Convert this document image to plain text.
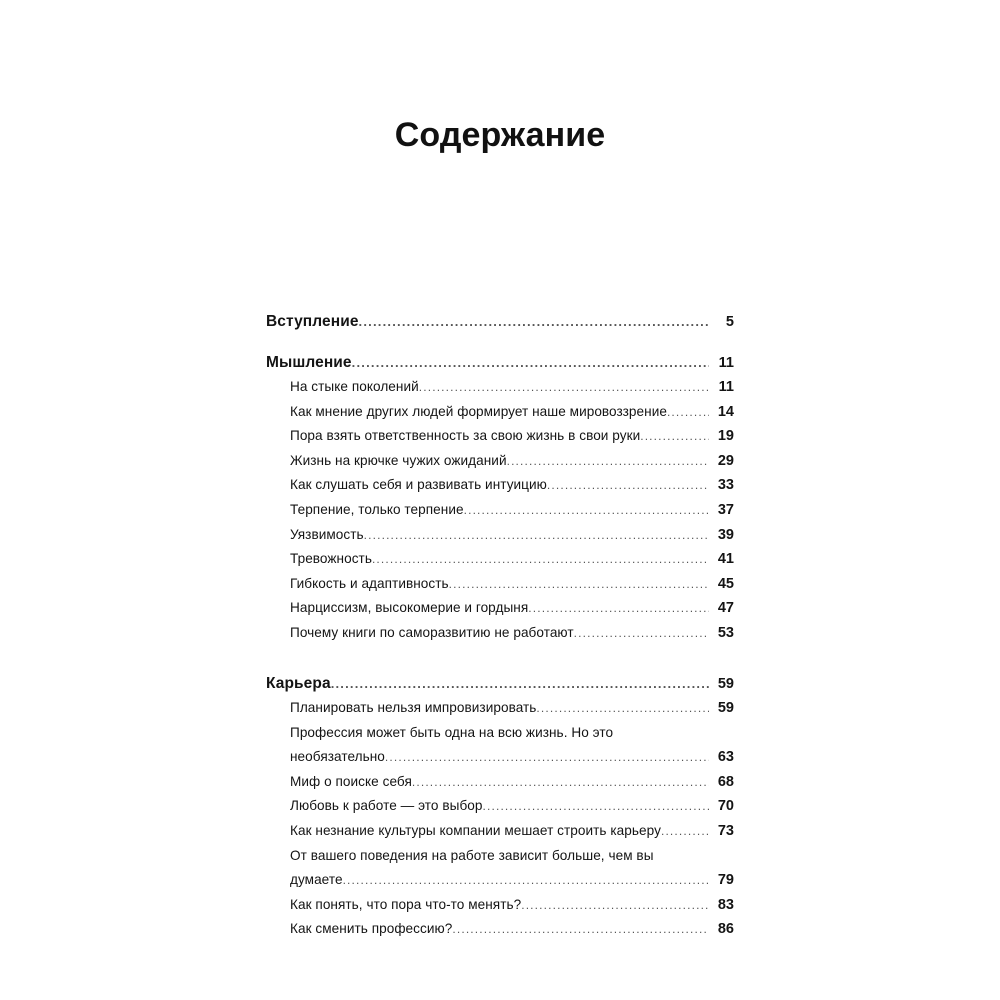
Содержание
Вступление .....	5
Мышление .....	11
На стыке поколений .....	11
Как мнение других людей формирует наше мировоззрение .....	14
Пора взять ответственность за свою жизнь в свои руки .....	19
Жизнь на крючке чужих ожиданий .....	29
Как слушать себя и развивать интуицию .....	33
Терпение, только терпение .....	37
Уязвимость .....	39
Тревожность .....	41
Гибкость и адаптивность .....	45
Нарциссизм, высокомерие и гордыня .....	47
Почему книги по саморазвитию не работают .....	53
Карьера .....	59
Планировать нельзя импровизировать .....	59
Профессия может быть одна на всю жизнь. Но это
необязательно .....	63
Миф о поиске себя .....	68
Любовь к работе — это выбор .....	70
Как незнание культуры компании мешает строить карьеру .....	73
От вашего поведения на работе зависит больше, чем вы
думаете .....	79
Как понять, что пора что-то менять? .....	83
Как сменить профессию? .....	86
